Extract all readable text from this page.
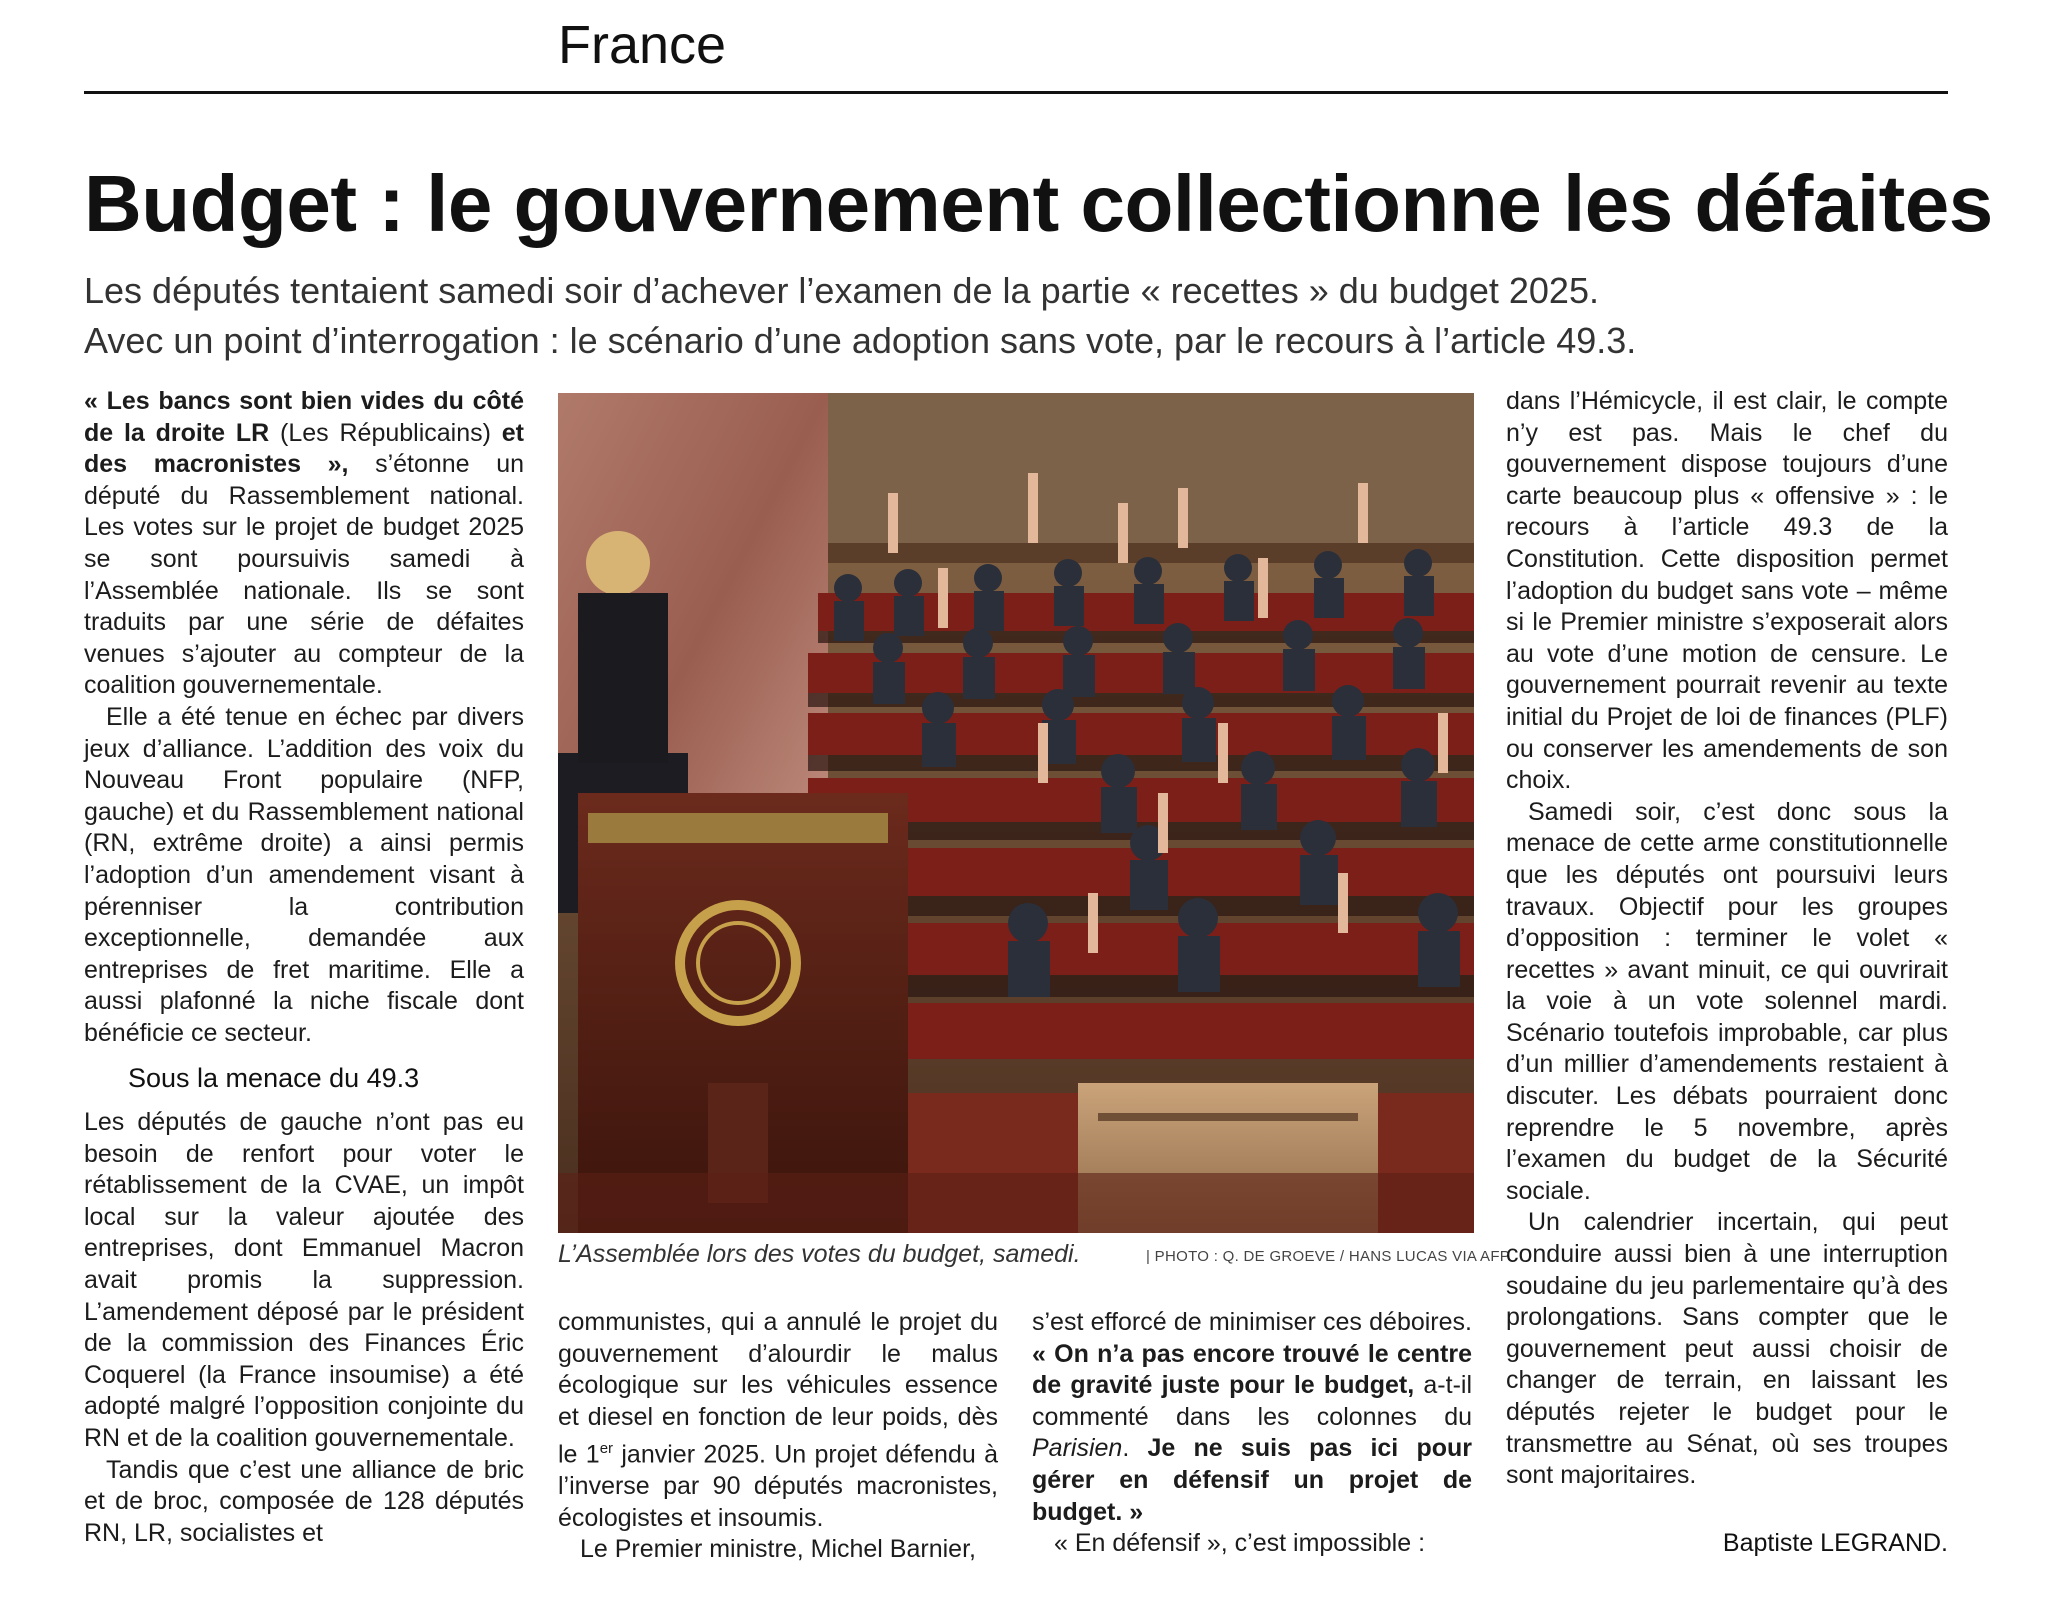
France
Budget : le gouvernement collectionne les défaites
Les députés tentaient samedi soir d’achever l’examen de la partie « recettes » du budget 2025.
Avec un point d’interrogation : le scénario d’une adoption sans vote, par le recours à l’article 49.3.

« Les bancs sont bien vides du côté de la droite LR (Les Républicains) et des macronistes », s’étonne un député du Rassemblement national. Les votes sur le projet de budget 2025 se sont poursuivis samedi à l’Assemblée nationale. Ils se sont traduits par une série de défaites venues s’ajouter au compteur de la coalition gouvernementale.

Elle a été tenue en échec par divers jeux d’alliance. L’addition des voix du Nouveau Front populaire (NFP, gauche) et du Rassemblement national (RN, extrême droite) a ainsi permis l’adoption d’un amendement visant à pérenniser la contribution exceptionnelle, demandée aux entreprises de fret maritime. Elle a aussi plafonné la niche fiscale dont bénéficie ce secteur.

Sous la menace du 49.3

Les députés de gauche n’ont pas eu besoin de renfort pour voter le rétablissement de la CVAE, un impôt local sur la valeur ajoutée des entreprises, dont Emmanuel Macron avait promis la suppression. L’amendement déposé par le président de la commission des Finances Éric Coquerel (la France insoumise) a été adopté malgré l’opposition conjointe du RN et de la coalition gouvernementale.

Tandis que c’est une alliance de bric et de broc, composée de 128 députés RN, LR, socialistes et

L’Assemblée lors des votes du budget, samedi.	| PHOTO : Q. DE GROEVE / HANS LUCAS VIA AFP

communistes, qui a annulé le projet du gouvernement d’alourdir le malus écologique sur les véhicules essence et diesel en fonction de leur poids, dès le 1er janvier 2025. Un projet défendu à l’inverse par 90 députés macronistes, écologistes et insoumis.

Le Premier ministre, Michel Barnier,

s’est efforcé de minimiser ces déboires. « On n’a pas encore trouvé le centre de gravité juste pour le budget, a-t-il commenté dans les colonnes du Parisien. Je ne suis pas ici pour gérer en défensif un projet de budget. »

« En défensif », c’est impossible :

dans l’Hémicycle, il est clair, le compte n’y est pas. Mais le chef du gouvernement dispose toujours d’une carte beaucoup plus « offensive » : le recours à l’article 49.3 de la Constitution. Cette disposition permet l’adoption du budget sans vote – même si le Premier ministre s’exposerait alors au vote d’une motion de censure. Le gouvernement pourrait revenir au texte initial du Projet de loi de finances (PLF) ou conserver les amendements de son choix.

Samedi soir, c’est donc sous la menace de cette arme constitutionnelle que les députés ont poursuivi leurs travaux. Objectif pour les groupes d’opposition : terminer le volet « recettes » avant minuit, ce qui ouvrirait la voie à un vote solennel mardi. Scénario toutefois improbable, car plus d’un millier d’amendements restaient à discuter. Les débats pourraient donc reprendre le 5 novembre, après l’examen du budget de la Sécurité sociale.

Un calendrier incertain, qui peut conduire aussi bien à une interruption soudaine du jeu parlementaire qu’à des prolongations. Sans compter que le gouvernement peut aussi choisir de changer de terrain, en laissant les députés rejeter le budget pour le transmettre au Sénat, où ses troupes sont majoritaires.

Baptiste LEGRAND.
